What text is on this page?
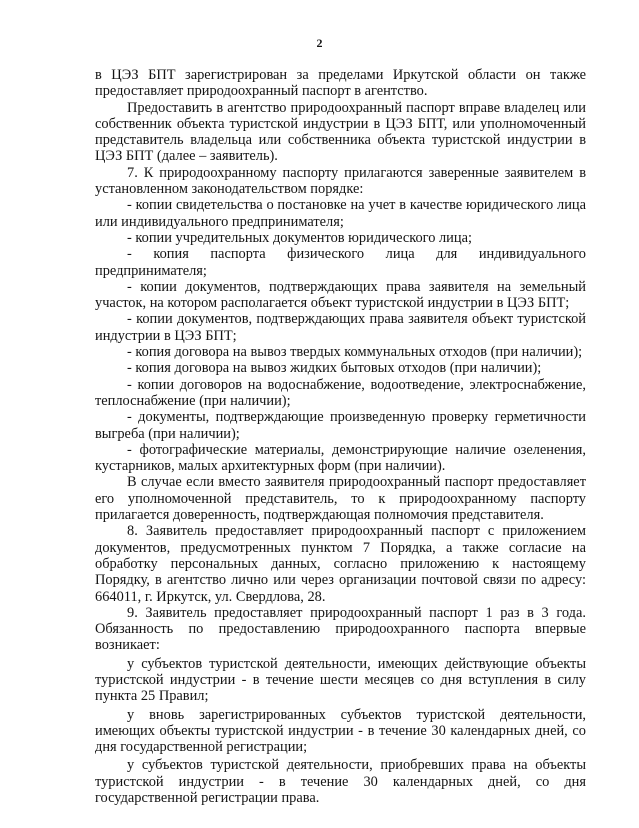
2

в ЦЭЗ БПТ зарегистрирован за пределами Иркутской области он также предоставляет природоохранный паспорт в агентство.

Предоставить в агентство природоохранный паспорт вправе владелец или собственник объекта туристской индустрии в ЦЭЗ БПТ, или уполномоченный представитель владельца или собственника объекта туристской индустрии в ЦЭЗ БПТ (далее – заявитель).

7. К природоохранному паспорту прилагаются заверенные заявителем в установленном законодательством порядке:

- копии свидетельства о постановке на учет в качестве юридического лица или индивидуального предпринимателя;

- копии учредительных документов юридического лица;

- копия паспорта физического лица для индивидуального предпринимателя;

- копии документов, подтверждающих права заявителя на земельный участок, на котором располагается объект туристской индустрии в ЦЭЗ БПТ;

- копии документов, подтверждающих права заявителя объект туристской индустрии в ЦЭЗ БПТ;

- копия договора на вывоз твердых коммунальных отходов (при наличии);

- копия договора на вывоз жидких бытовых отходов (при наличии);

- копии договоров на водоснабжение, водоотведение, электроснабжение, теплоснабжение (при наличии);

- документы, подтверждающие произведенную проверку герметичности выгреба (при наличии);

- фотографические материалы, демонстрирующие наличие озеленения, кустарников, малых архитектурных форм (при наличии).

В случае если вместо заявителя природоохранный паспорт предоставляет его уполномоченной представитель, то к природоохранному паспорту прилагается доверенность, подтверждающая полномочия представителя.

8. Заявитель предоставляет природоохранный паспорт с приложением документов, предусмотренных пунктом 7 Порядка, а также согласие на обработку персональных данных, согласно приложению к настоящему Порядку, в агентство лично или через организации почтовой связи по адресу: 664011, г. Иркутск, ул. Свердлова, 28.

9. Заявитель предоставляет природоохранный паспорт 1 раз в 3 года. Обязанность по предоставлению природоохранного паспорта впервые возникает:

у субъектов туристской деятельности, имеющих действующие объекты туристской индустрии - в течение шести месяцев со дня вступления в силу пункта 25 Правил;

у вновь зарегистрированных субъектов туристской деятельности, имеющих объекты туристской индустрии - в течение 30 календарных дней, со дня государственной регистрации;

у субъектов туристской деятельности, приобревших права на объекты туристской индустрии - в течение 30 календарных дней, со дня государственной регистрации права.
